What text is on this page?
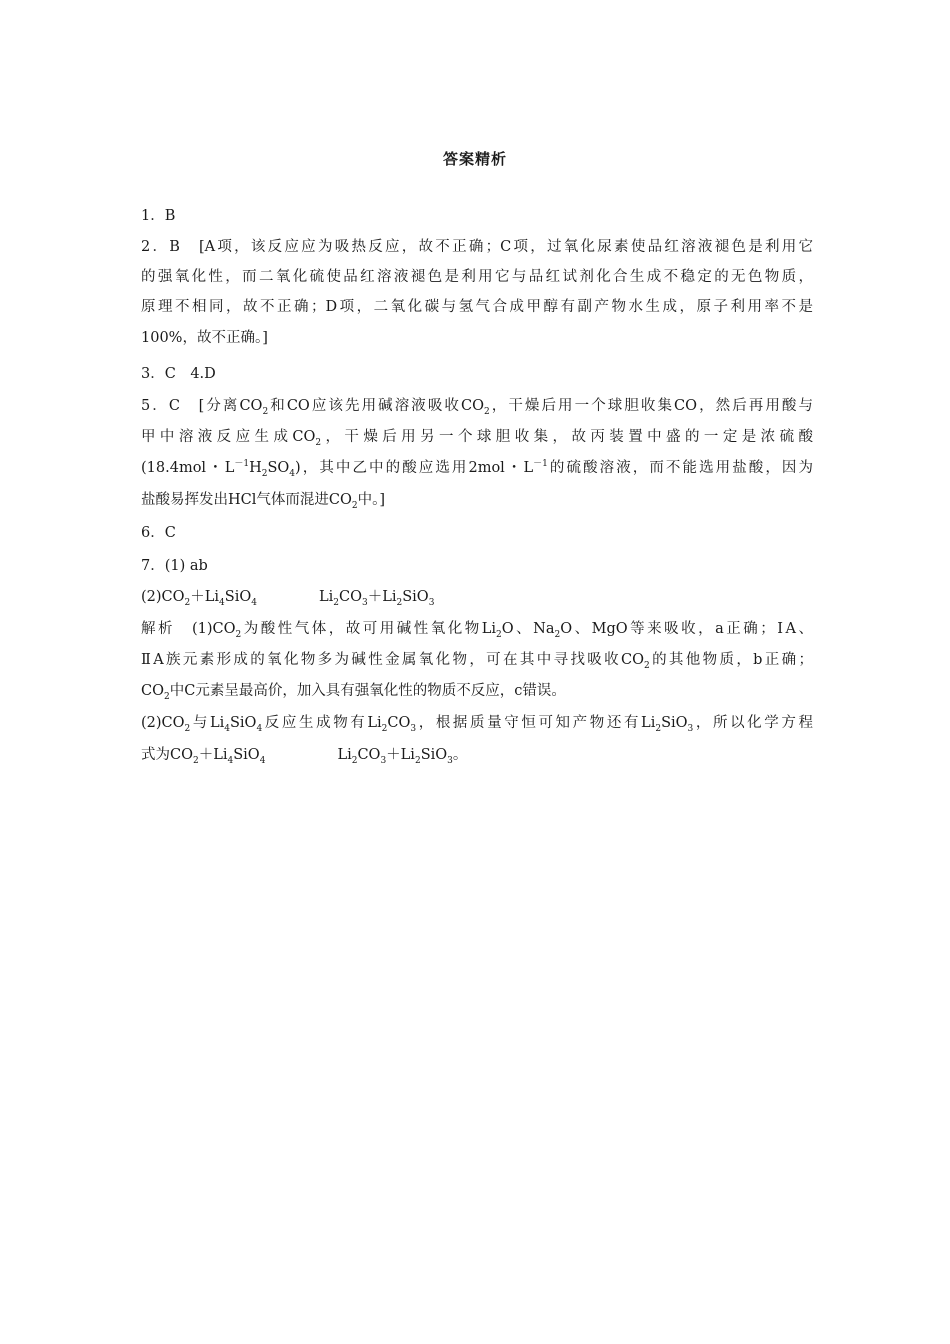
答案精析
1．B
2．B　[A项，该反应应为吸热反应，故不正确；C项，过氧化尿素使品红溶液褪色是利用它
的强氧化性，而二氧化硫使品红溶液褪色是利用它与品红试剂化合生成不稳定的无色物质，
原理不相同，故不正确；D项，二氧化碳与氢气合成甲醇有副产物水生成，原子利用率不是
100%，故不正确。]
3．C　4.D
5．C　[分离$CO_2$和CO应该先用碱溶液吸收$CO_2$，干燥后用一个球胆收集CO，然后再用酸与
甲中溶液反应生成$CO_2$，干燥后用另一个球胆收集，故丙装置中盛的一定是浓硫酸
(18.4mol・$L^{-1}H_2SO_4$)，其中乙中的酸应选用2mol・$L^{-1}$的硫酸溶液，而不能选用盐酸，因为
盐酸易挥发出HCl气体而混进$CO_2$中。]
6．C
7．(1) ab
$(2)CO_2+Li_4SiO_4$	$Li_2CO_3+Li_2SiO_3$
解析　$(1)CO_2$为酸性气体，故可用碱性氧化物$Li_2O$、$Na_2O$、MgO等来吸收，a正确；ⅠA、
ⅡA族元素形成的氧化物多为碱性金属氧化物，可在其中寻找吸收$CO_2$的其他物质，b正确；
$CO_2$中C元素呈最高价，加入具有强氧化性的物质不反应，c错误。
$(2)CO_2$与$Li_4SiO_4$反应生成物有$Li_2CO_3$，根据质量守恒可知产物还有$Li_2SiO_3$，所以化学方程
式为$CO_2+Li_4SiO_4$	$Li_2CO_3+Li_2SiO_3$。
